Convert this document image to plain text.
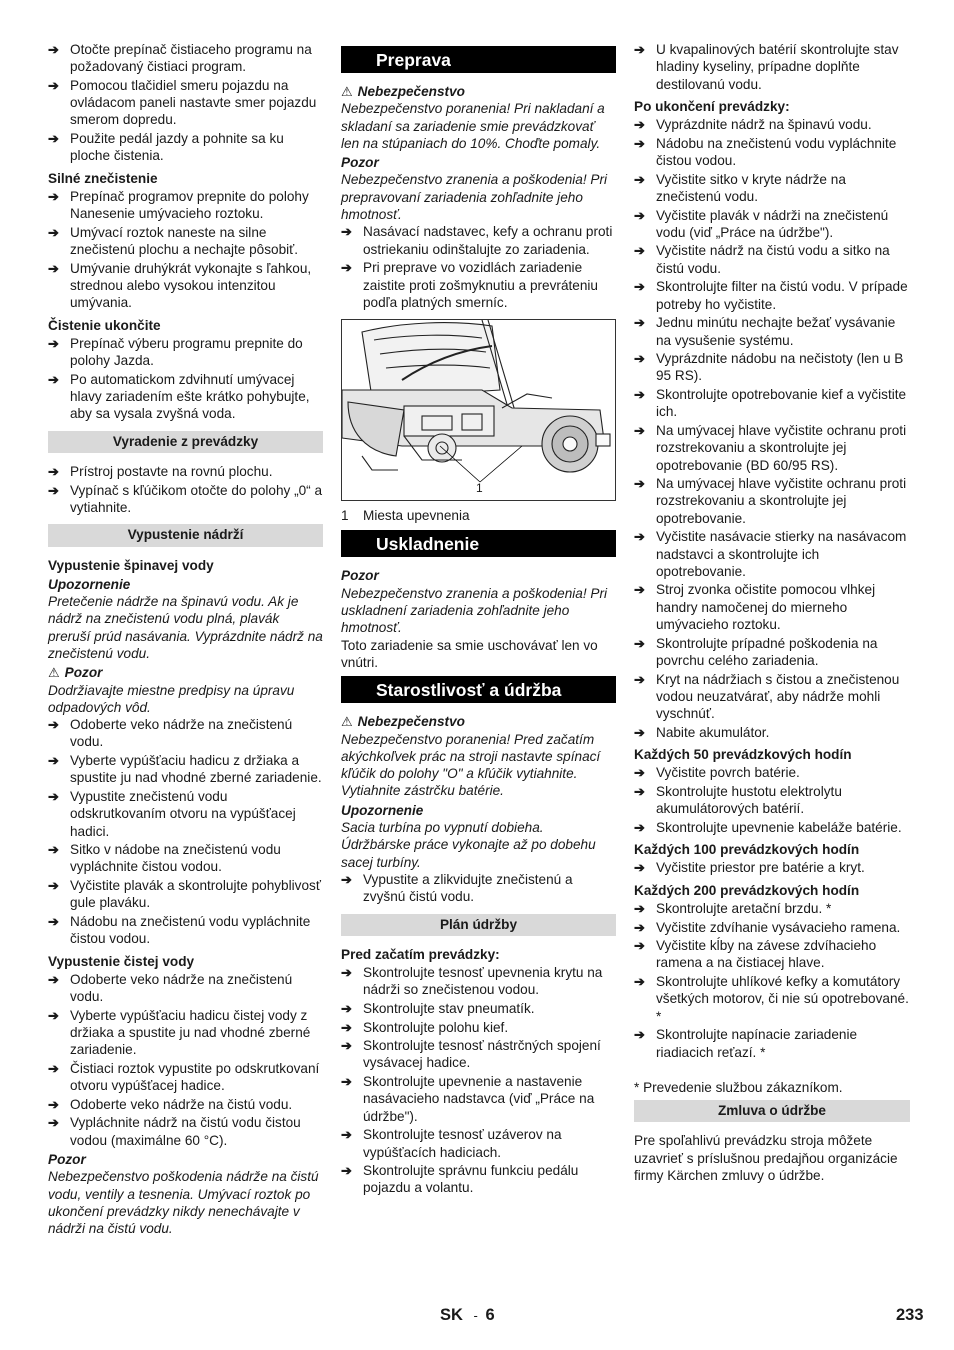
➔ Otočte prepínač čistiaceho programu na požadovaný čistiaci program.
➔ Pomocou tlačidiel smeru pojazdu na ovládacom paneli nastavte smer pojazdu smerom dopredu.
➔ Použite pedál jazdy a pohnite sa ku ploche čistenia.
Silné znečistenie
➔ Prepínač programov prepnite do polohy Nanesenie umývacieho roztoku.
➔ Umývací roztok naneste na silne znečistenú plochu a nechajte pôsobiť.
➔ Umývanie druhýkrát vykonajte s ľahkou, strednou alebo vysokou intenzitou umývania.
Čistenie ukončite
➔ Prepínač výberu programu prepnite do polohy Jazda.
➔ Po automatickom zdvihnutí umývacej hlavy zariadením ešte krátko pohybujte, aby sa vysala zvyšná voda.
Vyradenie z prevádzky
➔ Prístroj postavte na rovnú plochu.
➔ Vypínač s kľúčikom otočte do polohy „0“ a vytiahnite.
Vypustenie nádrží
Vypustenie špinavej vody
Upozornenie

Pretečenie nádrže na špinavú vodu. Ak je nádrž na znečistenú vodu plná, plavák preruší prúd nasávania. Vyprázdnite nádrž na znečistenú vodu.

⚠ Pozor

Dodržiavajte miestne predpisy na úpravu odpadových vôd.

➔ Odoberte veko nádrže na znečistenú vodu.
➔ Vyberte vypúšťaciu hadicu z držiaka a spustite ju nad vhodné zberné zariadenie.
➔ Vypustite znečistenú vodu odskrutkovaním otvoru na vypúšťacej hadici.
➔ Sitko v nádobe na znečistenú vodu vypláchnite čistou vodou.
➔ Vyčistite plavák a skontrolujte pohyblivosť gule plaváku.
➔ Nádobu na znečistenú vodu vypláchnite čistou vodou.
Vypustenie čistej vody
➔ Odoberte veko nádrže na znečistenú vodu.
➔ Vyberte vypúšťaciu hadicu čistej vody z držiaka a spustite ju nad vhodné zberné zariadenie.
➔ Čistiaci roztok vypustite po odskrutkovaní otvoru vypúšťacej hadice.
➔ Odoberte veko nádrže na čistú vodu.
➔ Vypláchnite nádrž na čistú vodu čistou vodou (maximálne 60 °C).
Pozor

Nebezpečenstvo poškodenia nádrže na čistú vodu, ventily a tesnenia. Umývací roztok po ukončení prevádzky nikdy nenechávajte v nádrži na čistú vodu.

Preprava
⚠ Nebezpečenstvo

Nebezpečenstvo poranenia! Pri nakladaní a skladaní sa zariadenie smie prevádzkovať len na stúpaniach do 10%. Choďte pomaly.

Pozor

Nebezpečenstvo zranenia a poškodenia! Pri prepravovaní zariadenia zohľadnite jeho hmotnosť.

➔ Nasávací nadstavec, kefy a ochranu proti ostriekaniu odinštalujte zo zariadenia.
➔ Pri preprave vo vozidlách zariadenie zaistite proti zošmyknutiu a prevráteniu podľa platných smerníc.
1
1	Miesta upevnenia
Uskladnenie
Pozor

Nebezpečenstvo zranenia a poškodenia! Pri uskladnení zariadenia zohľadnite jeho hmotnosť.

Toto zariadenie sa smie uschovávať len vo vnútri.

Starostlivosť a údržba
⚠ Nebezpečenstvo

Nebezpečenstvo poranenia! Pred začatím akýchkoľvek prác na stroji nastavte spínací kľúčik do polohy "O" a kľúčik vytiahnite. Vytiahnite zástrčku batérie.

Upozornenie

Sacia turbína po vypnutí dobieha. Údržbárske práce vykonajte až po dobehu sacej turbíny.

➔ Vypustite a zlikvidujte znečistenú a zvyšnú čistú vodu.
Plán údržby
Pred začatím prevádzky:
➔ Skontrolujte tesnosť upevnenia krytu na nádrži so znečistenou vodou.
➔ Skontrolujte stav pneumatík.
➔ Skontrolujte polohu kief.
➔ Skontrolujte tesnosť nástrčných spojení vysávacej hadice.
➔ Skontrolujte upevnenie a nastavenie nasávacieho nadstavca (viď „Práce na údržbe").
➔ Skontrolujte tesnosť uzáverov na vypúšťacích hadiciach.
➔ Skontrolujte správnu funkciu pedálu pojazdu a volantu.
➔ U kvapalinových batérií skontrolujte stav hladiny kyseliny, prípadne doplňte destilovanú vodu.
Po ukončení prevádzky:
➔ Vyprázdnite nádrž na špinavú vodu.
➔ Nádobu na znečistenú vodu vypláchnite čistou vodou.
➔ Vyčistite sitko v kryte nádrže na znečistenú vodu.
➔ Vyčistite plavák v nádrži na znečistenú vodu (viď „Práce na údržbe").
➔ Vyčistite nádrž na čistú vodu a sitko na čistú vodu.
➔ Skontrolujte filter na čistú vodu. V prípade potreby ho vyčistite.
➔ Jednu minútu nechajte bežať vysávanie na vysušenie systému.
➔ Vyprázdnite nádobu na nečistoty (len u B 95 RS).
➔ Skontrolujte opotrebovanie kief a vyčistite ich.
➔ Na umývacej hlave vyčistite ochranu proti rozstrekovaniu a skontrolujte jej opotrebovanie (BD 60/95 RS).
➔ Na umývacej hlave vyčistite ochranu proti rozstrekovaniu a skontrolujte jej opotrebovanie.
➔ Vyčistite nasávacie stierky na nasávacom nadstavci a skontrolujte ich opotrebovanie.
➔ Stroj zvonka očistite pomocou vlhkej handry namočenej do mierneho umývacieho roztoku.
➔ Skontrolujte prípadné poškodenia na povrchu celého zariadenia.
➔ Kryt na nádržiach s čistou a znečistenou vodou neuzatvárať, aby nádrže mohli vyschnúť.
➔ Nabite akumulátor.
Každých 50 prevádzkových hodín
➔ Vyčistite povrch batérie.
➔ Skontrolujte hustotu elektrolytu akumulátorových batérií.
➔ Skontrolujte upevnenie kabeláže batérie.
Každých 100 prevádzkových hodín
➔ Vyčistite priestor pre batérie a kryt.
Každých 200 prevádzkových hodín
➔ Skontrolujte aretační brzdu. *
➔ Vyčistite zdvíhanie vysávacieho ramena.
➔ Vyčistite kĺby na závese zdvíhacieho ramena a na čistiacej hlave.
➔ Skontrolujte uhlíkové kefky a komutátory všetkých motorov, či nie sú opotrebované. *
➔ Skontrolujte napínacie zariadenie riadiacich reťazí. *

* Prevedenie službou zákazníkom.

Zmluva o údržbe

Pre spoľahlivú prevádzku stroja môžete uzavrieť s príslušnou predajňou organizácie firmy Kärchen zmluvy o údržbe.

SK - 6	233
